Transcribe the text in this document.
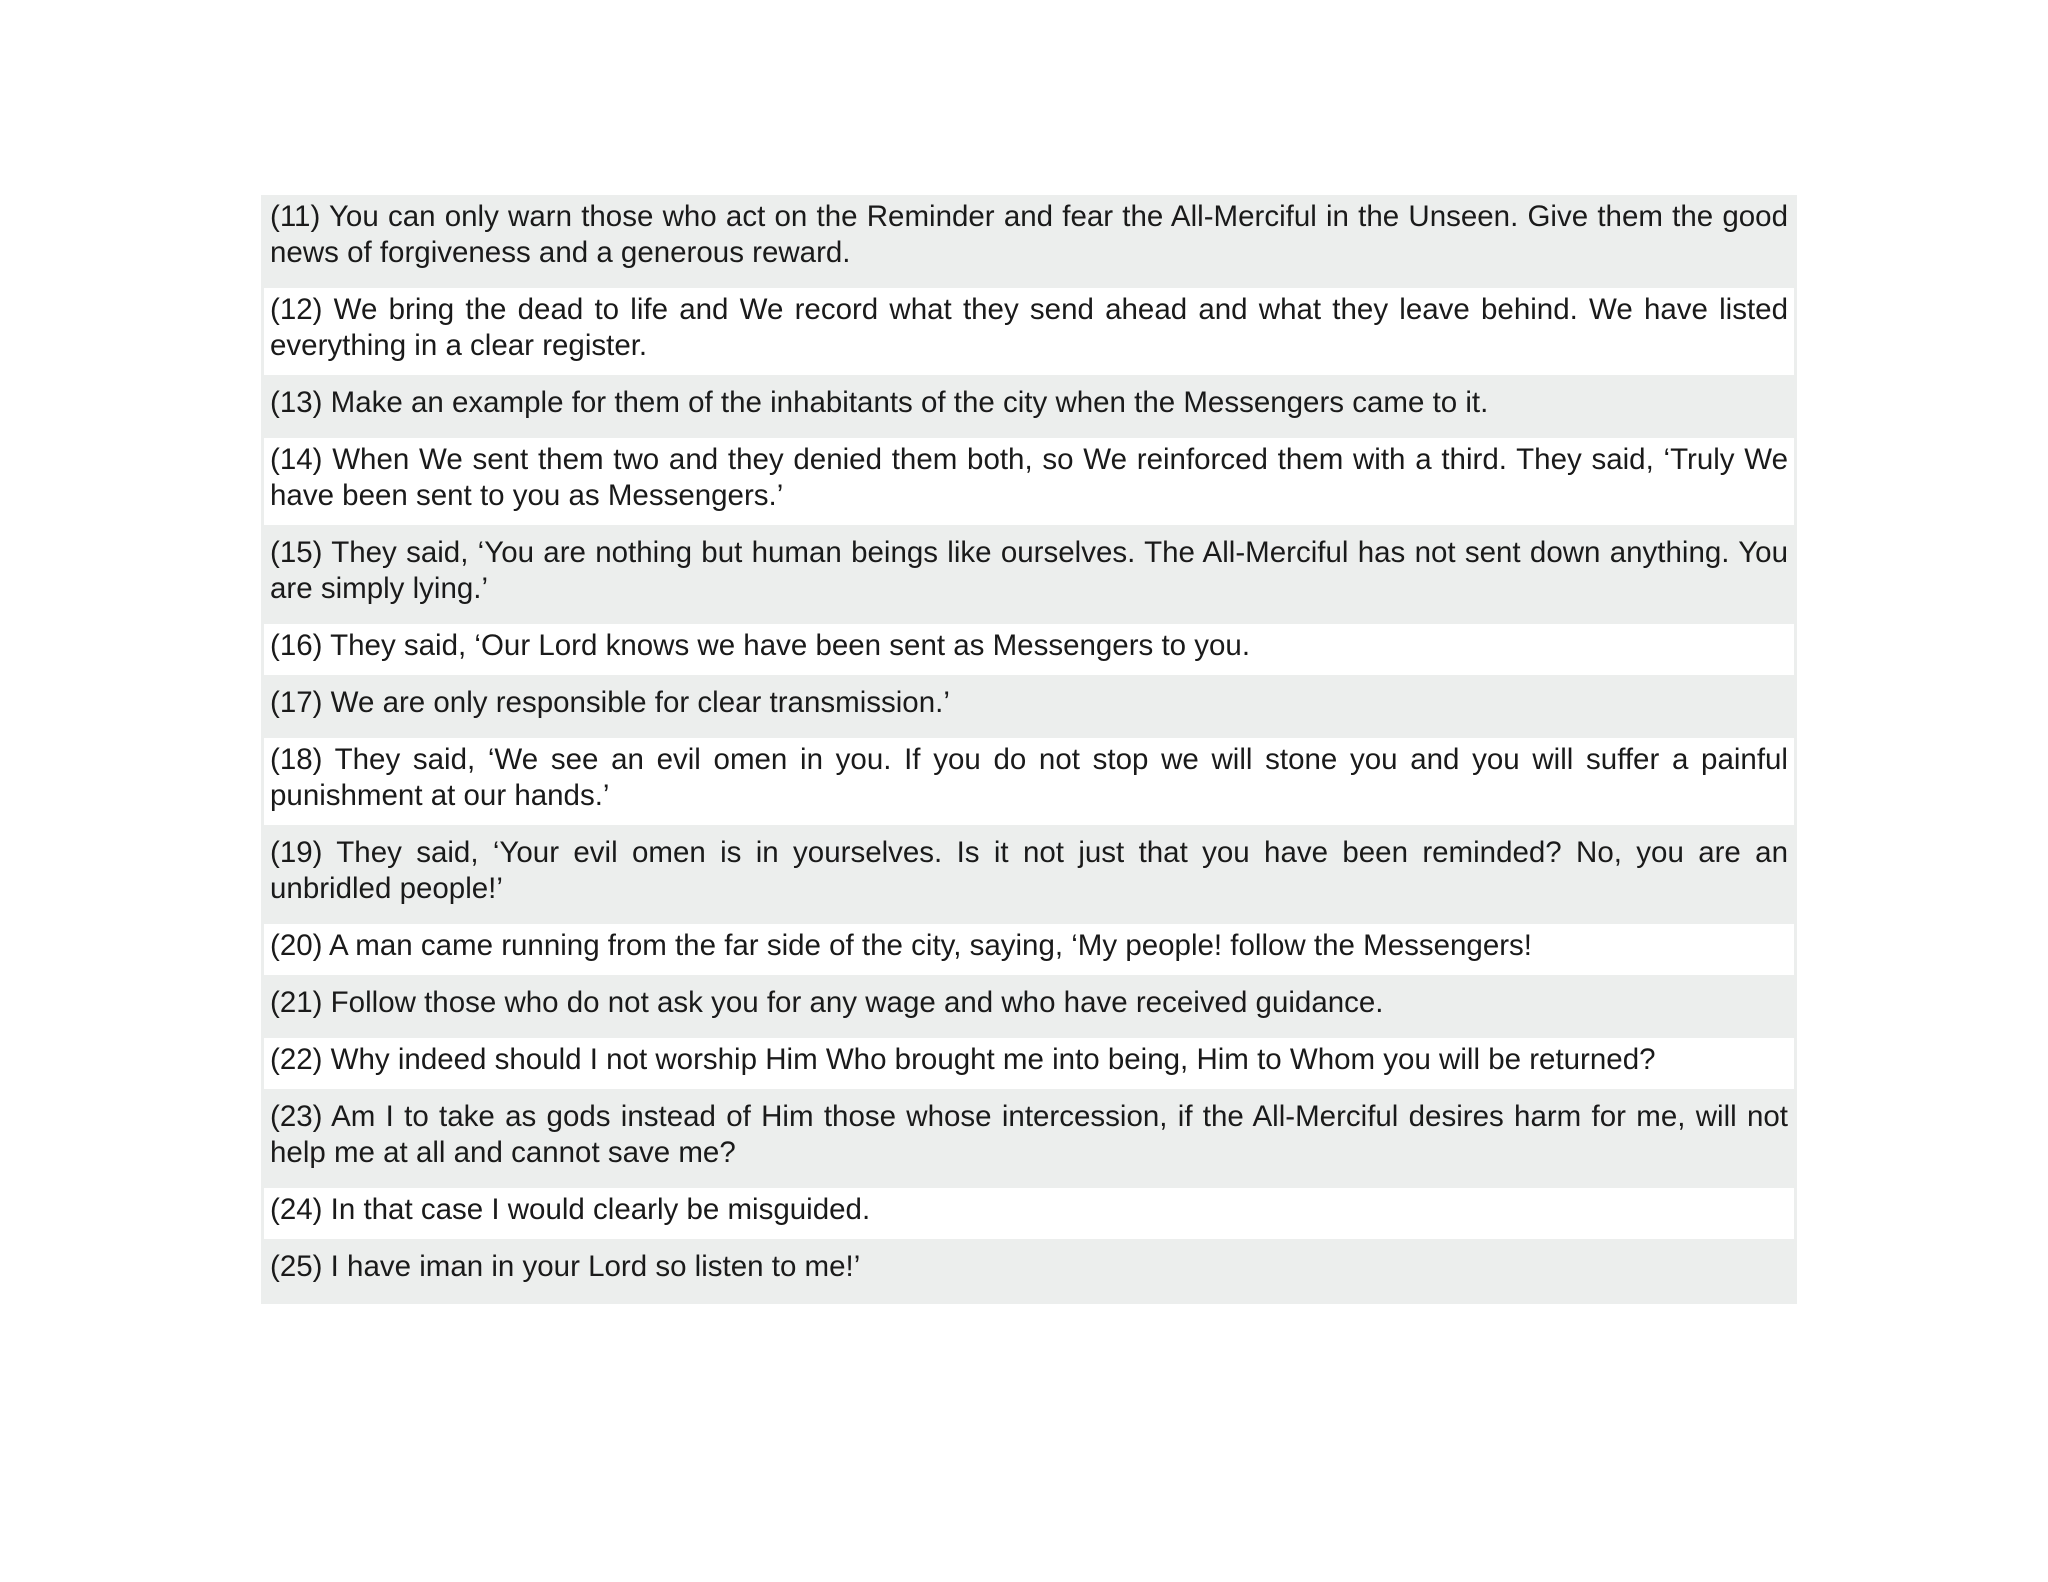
(11) You can only warn those who act on the Reminder and fear the All-Merciful in the Unseen. Give them the good news of forgiveness and a generous reward.
(12) We bring the dead to life and We record what they send ahead and what they leave behind. We have listed everything in a clear register.
(13) Make an example for them of the inhabitants of the city when the Messengers came to it.
(14) When We sent them two and they denied them both, so We reinforced them with a third. They said, ‘Truly We have been sent to you as Messengers.’
(15) They said, ‘You are nothing but human beings like ourselves. The All-Merciful has not sent down anything. You are simply lying.’
(16) They said, ‘Our Lord knows we have been sent as Messengers to you.
(17) We are only responsible for clear transmission.’
(18) They said, ‘We see an evil omen in you. If you do not stop we will stone you and you will suffer a painful punishment at our hands.’
(19) They said, ‘Your evil omen is in yourselves. Is it not just that you have been reminded? No, you are an unbridled people!’
(20) A man came running from the far side of the city, saying, ‘My people! follow the Messengers!
(21) Follow those who do not ask you for any wage and who have received guidance.
(22) Why indeed should I not worship Him Who brought me into being, Him to Whom you will be returned?
(23) Am I to take as gods instead of Him those whose intercession, if the All-Merciful desires harm for me, will not help me at all and cannot save me?
(24) In that case I would clearly be misguided.
(25) I have iman in your Lord so listen to me!’
